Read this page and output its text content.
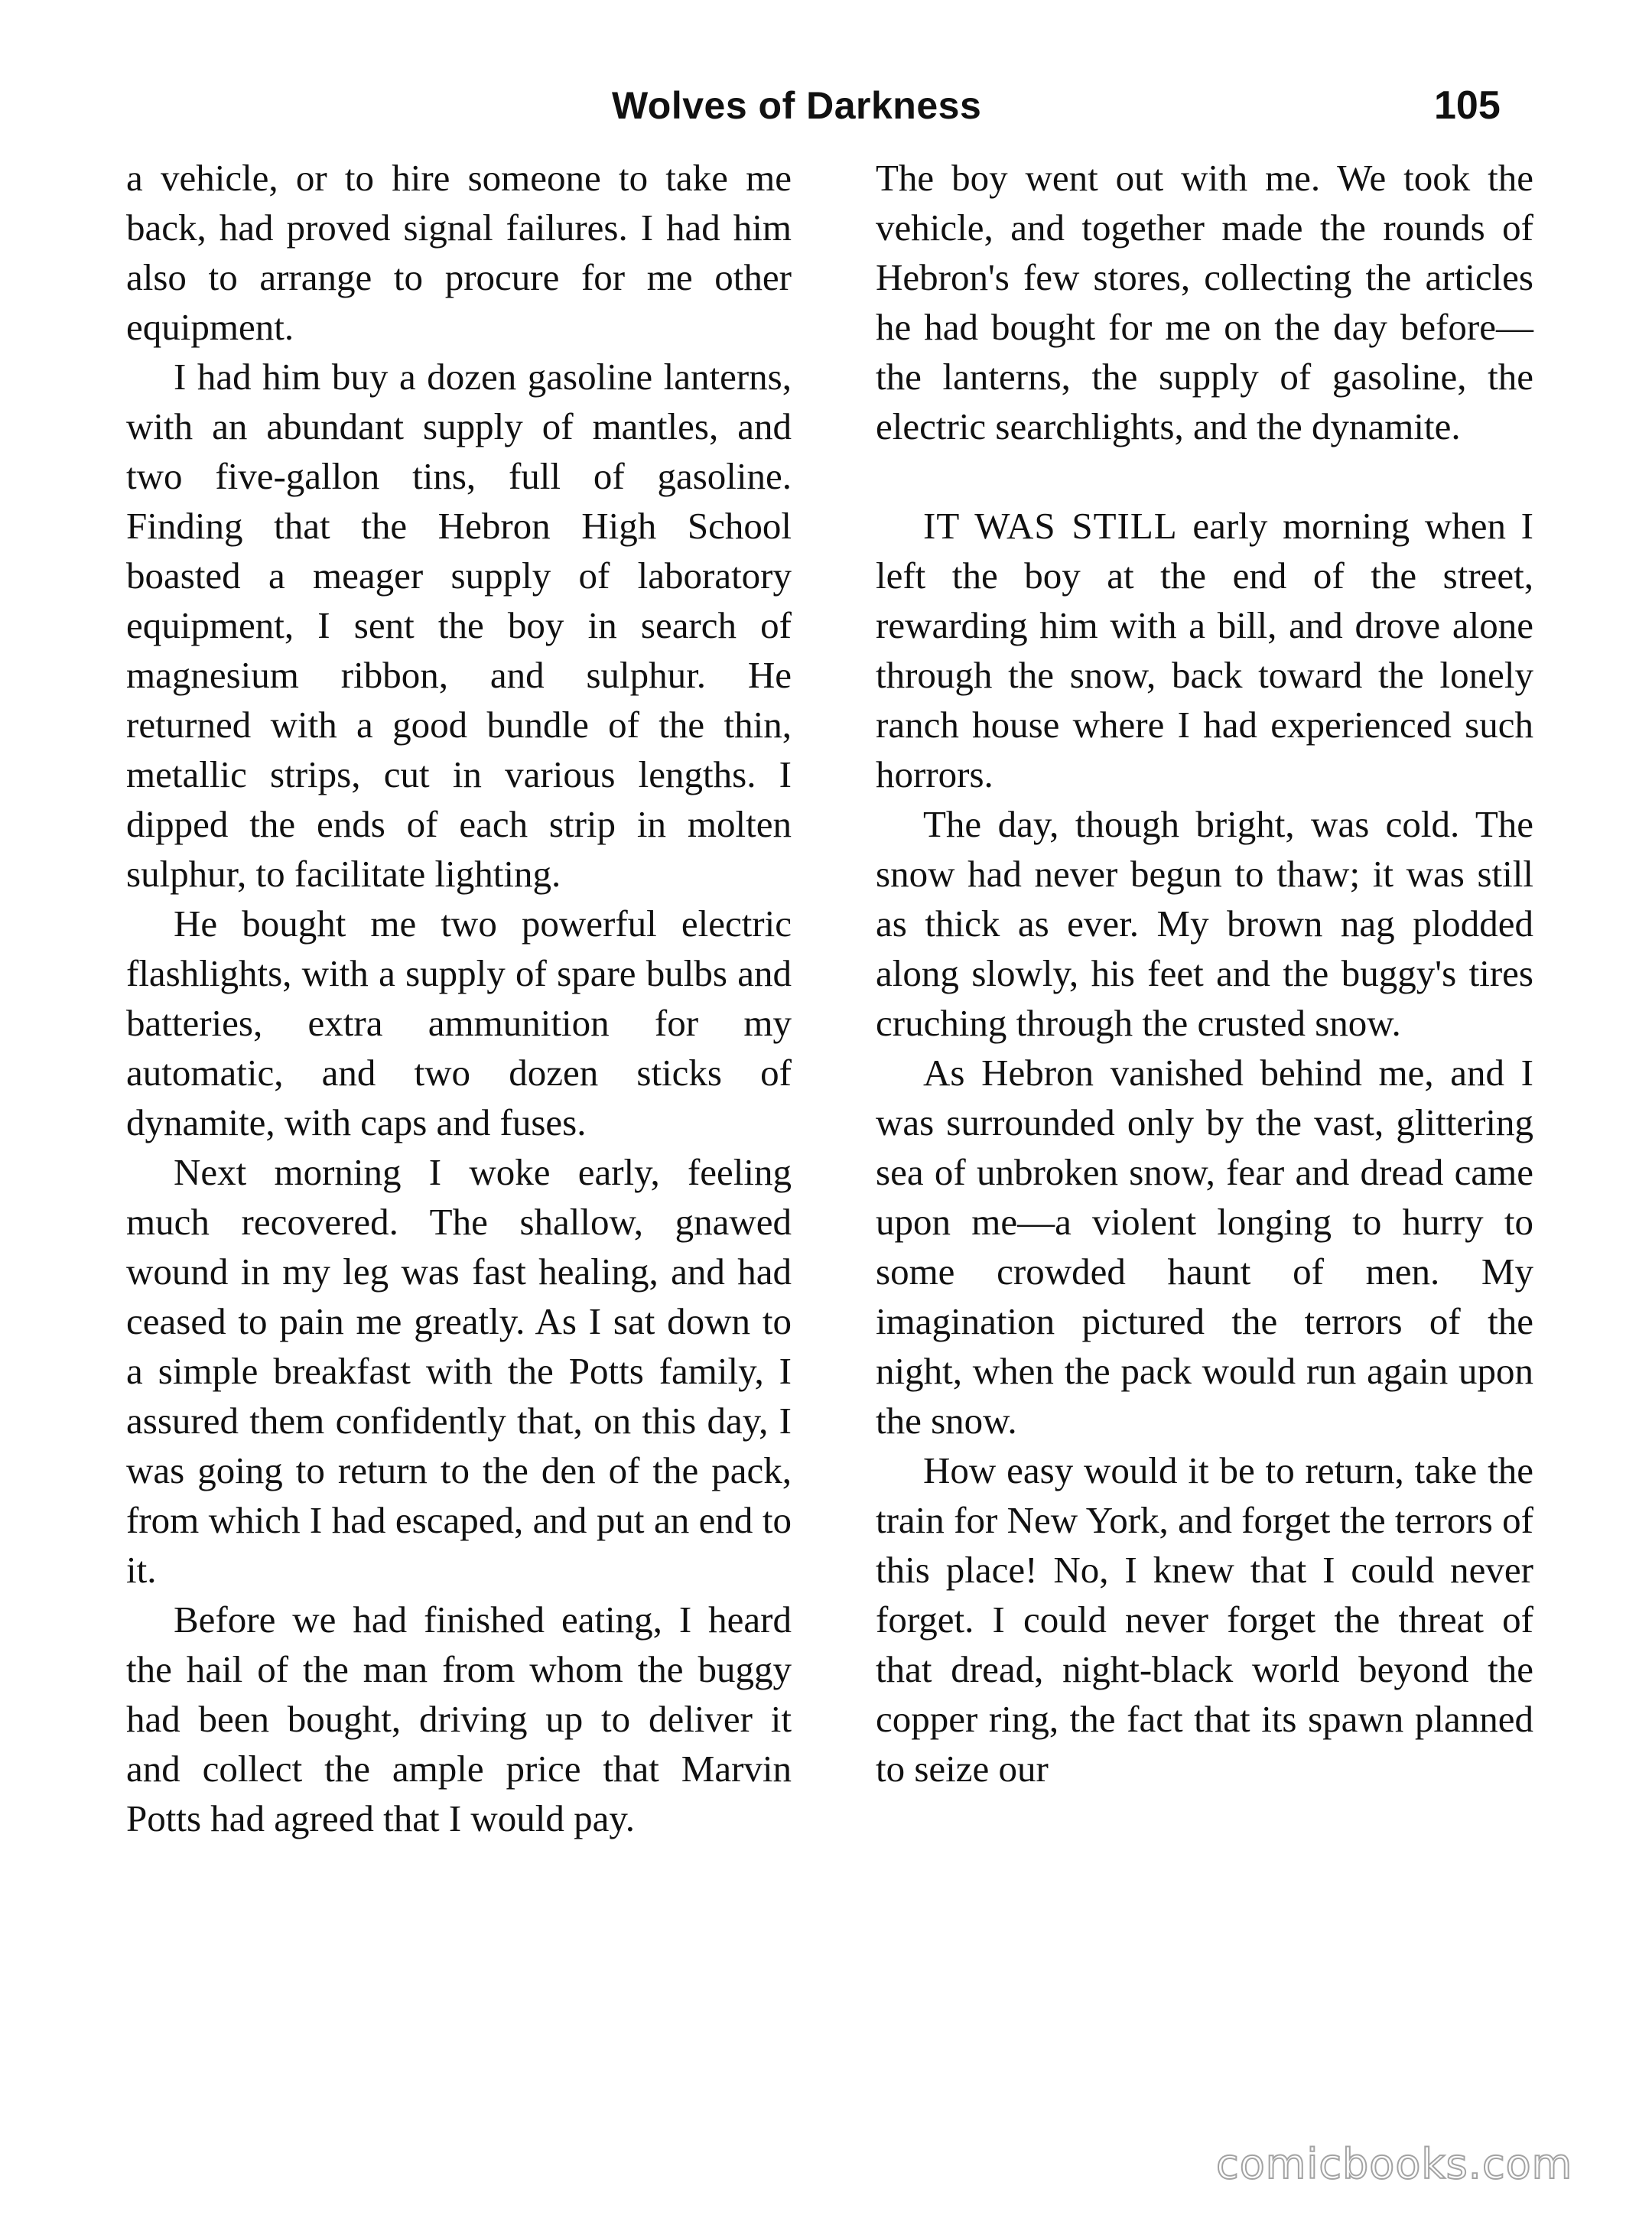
Wolves of Darkness	105

a vehicle, or to hire someone to take me back, had proved signal failures. I had him also to arrange to procure for me other equipment.

I had him buy a dozen gasoline lanterns, with an abundant supply of mantles, and two five-gallon tins, full of gasoline. Finding that the Hebron High School boasted a meager supply of laboratory equipment, I sent the boy in search of magnesium ribbon, and sulphur. He returned with a good bundle of the thin, metallic strips, cut in various lengths. I dipped the ends of each strip in molten sulphur, to facilitate lighting.

He bought me two powerful electric flashlights, with a supply of spare bulbs and batteries, extra ammunition for my automatic, and two dozen sticks of dynamite, with caps and fuses.

Next morning I woke early, feeling much recovered. The shallow, gnawed wound in my leg was fast healing, and had ceased to pain me greatly. As I sat down to a simple breakfast with the Potts family, I assured them confidently that, on this day, I was going to return to the den of the pack, from which I had escaped, and put an end to it.

Before we had finished eating, I heard the hail of the man from whom the buggy had been bought, driving up to deliver it and collect the ample price that Marvin Potts had agreed that I would pay.

The boy went out with me. We took the vehicle, and together made the rounds of Hebron's few stores, collecting the articles he had bought for me on the day before—the lanterns, the supply of gasoline, the electric searchlights, and the dynamite.

IT WAS STILL early morning when I left the boy at the end of the street, rewarding him with a bill, and drove alone through the snow, back toward the lonely ranch house where I had experienced such horrors.

The day, though bright, was cold. The snow had never begun to thaw; it was still as thick as ever. My brown nag plodded along slowly, his feet and the buggy's tires cruching through the crusted snow.

As Hebron vanished behind me, and I was surrounded only by the vast, glittering sea of unbroken snow, fear and dread came upon me—a violent longing to hurry to some crowded haunt of men. My imagination pictured the terrors of the night, when the pack would run again upon the snow.

How easy would it be to return, take the train for New York, and forget the terrors of this place! No, I knew that I could never forget. I could never forget the threat of that dread, night-black world beyond the copper ring, the fact that its spawn planned to seize our

comicbooks.com
